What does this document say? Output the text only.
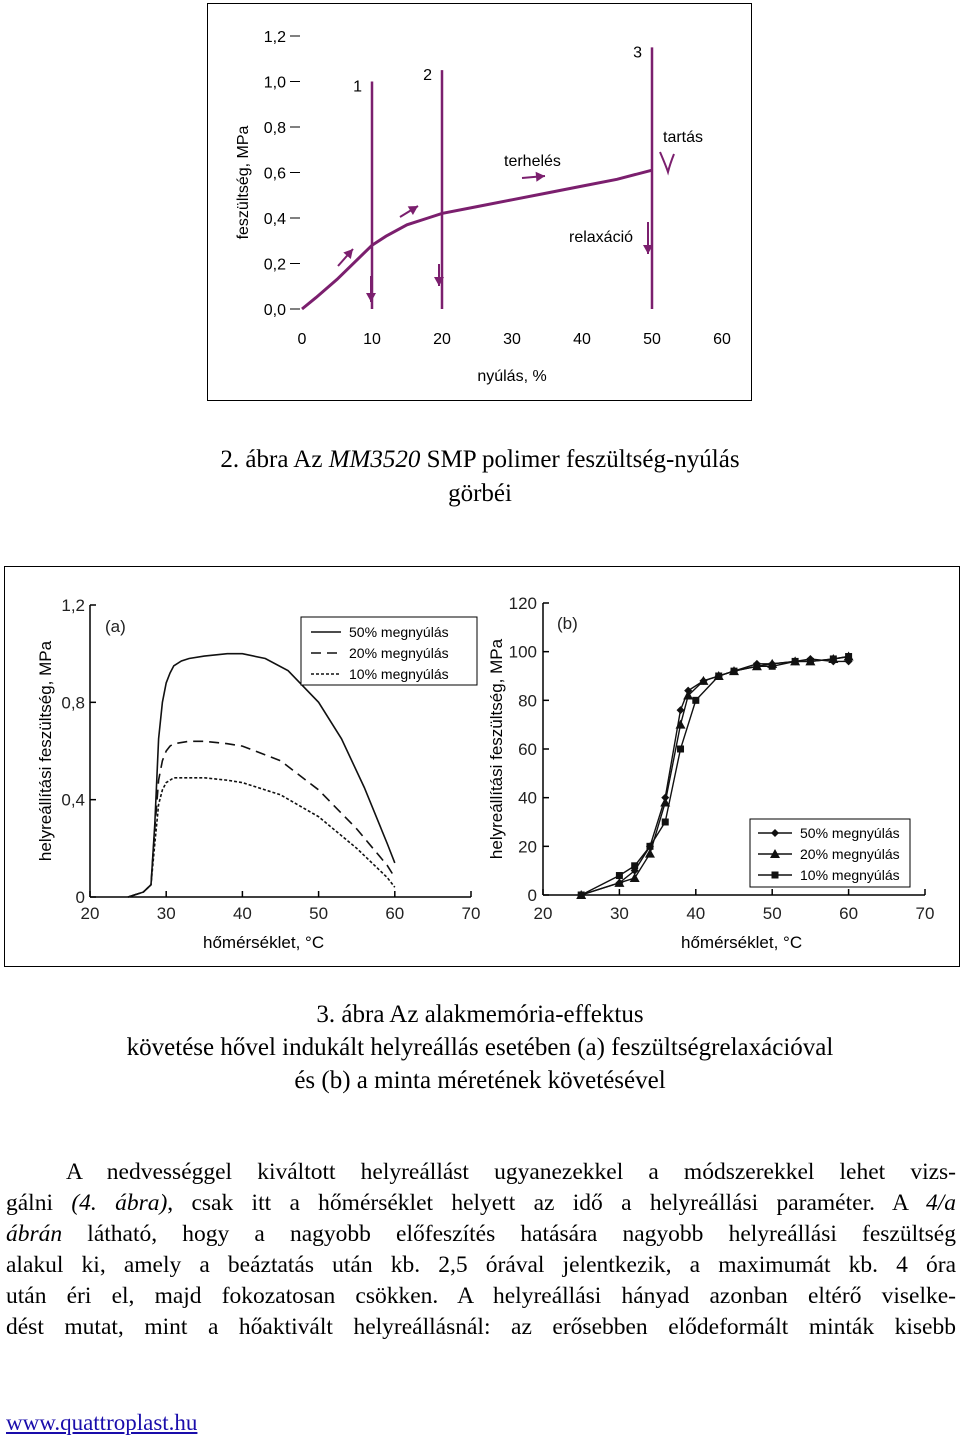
0,0
0,2
0,4
0,6
0,8
1,0
1,2
0	10	20	30	40	50	60
nyúlás, %
feszültség, MPa
1
2
3
terhelés
relaxáció
tartás
2. ábra Az MM3520 SMP polimer feszültség-nyúlás
görbéi
20	30	40	50	60	70
0
0,4
0,8
1,2
(a)
hőmérséklet, °C
helyreállítási feszültség, MPa
50% megnyúlás
20% megnyúlás
10% megnyúlás
20	30	40	50	60	70
0
20
40
60
80
100
120
(b)
hőmérséklet, °C
helyreállítási feszültség, MPa	50% megnyúlás
20% megnyúlás
10% megnyúlás
3. ábra Az alakmemória-effektus
követése hővel indukált helyreállás esetében (a) feszültségrelaxációval
és (b) a minta méretének követésével
A nedvességgel kiváltott helyreállást ugyanezekkel a módszerekkel lehet vizs-
gálni (4. ábra), csak itt a hőmérséklet helyett az idő a helyreállási paraméter. A 4/a
ábrán látható, hogy a nagyobb előfeszítés hatására nagyobb helyreállási feszültség
alakul ki, amely a beáztatás után kb. 2,5 órával jelentkezik, a maximumát kb. 4 óra
után éri el, majd fokozatosan csökken. A helyreállási hányad azonban eltérő viselke-
dést mutat, mint a hőaktivált helyreállásnál: az erősebben elődeformált minták kisebb
www.quattroplast.hu
